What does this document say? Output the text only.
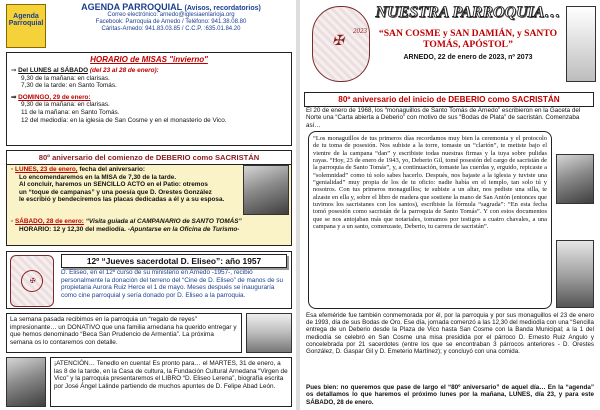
Agenda
Parroquial
AGENDA PARROQUIAL (Avisos, recordatorios)
Correo electrónico: arnedo@iglesiaenlarioja.org
Facebook: Parroquia de Arnedo / Teléfono: 941.38.08.80
Cáritas-Arnedo: 941.83.03.85 / C.C.P. :635.01.84.20
HORARIO de MISAS "invierno"
⇒ Del LUNES al SÁBADO (del 23 al 28 de enero):
9,30 de la mañana: en clarisas.
7,30 de la tarde: en Santo Tomás.
⇒ DOMINGO, 29 de enero:
9,30 de la mañana: en clarisas.
11 de la mañana: en Santo Tomás.
12 del mediodía: en la iglesia de San Cosme y en el monasterio de Vico.
80º aniversario del comienzo de DEBERIO como SACRISTÁN
▫ LUNES, 23 de enero, fecha del aniversario:
Lo encomendaremos en la MISA de 7,30 de la tarde.
Al concluir, haremos un SENCILLO ACTO en el Patio: otremos
un “toque de campanas” y una poesía que D. Orestes González
le escribió y bendeciremos las placas dedicadas a él y a su esposa.
▫ SÁBADO, 28 de enero: “Visita guiada al CAMPANARIO de SANTO TOMÁS”
HORARIO: 12 y 12,30 del mediodía. -Apuntarse en la Oficina de Turismo-
✠
12º “Jueves sacerdotal D. Eliseo”: año 1957
D. Eliseo, en el 12º curso de su ministerio en Arnedo -1957-, recibió personalmente la donación del terreno del “Cine de D. Eliseo” de manos de su propietaria Aurora Ruiz Herce el 1 de mayo. Meses después se inauguraría como cine parroquial y sería donado por D. Eliseo a la parroquia.
La semana pasada recibimos en la parroquia un “regalo de reyes” impresionante… un DONATIVO que una familia arnedana ha querido entregar y que hemos denominado “Beca San Prudencio de Armentia”. La próxima semana os lo contaremos con detalle.
¡ATENCIÓN… Tenedlo en cuenta! Es pronto para… el MARTES, 31 de enero, a las 8 de la tarde, en la Casa de cultura, la Fundación Cultural Arnedana “Virgen de Vico” y la parroquia presentaremos el LIBRO “D. Eliseo Lerena”, biografía escrita por José Ángel Lalinde partiendo de muchos apuntes de D. Felipe Abad León.
2023
✠
NUESTRA PARROQUIA…
“SAN COSME y SAN DAMIÁN, y SANTO TOMÁS, APÓSTOL”
ARNEDO, 22 de enero de 2023, nº 2073
80º aniversario del inicio de DEBERIO como SACRISTÁN
El 20 de enero de 1968, los “monaguillos de Santo Tomás de Arnedo” escribieron en la Gaceta del Norte una “Carta abierta a Deberio” con motivo de sus “Bodas de Plata” de sacristán. Comenzaba así…
“Los monaguillos de tus primeros días recordamos muy bien la ceremonia y el protocolo de tu toma de posesión. Nos subiste a la torre, tomaste un “clarión”, te metiste bajo el vientre de la campana “dan” y escribiste todas nuestras firmas y la tuya sobre pulidas rayas. “Hoy, 23 de enero de 1943, yo, Deberio Gil, tomé posesión del cargo de sacristán de la parroquia de Santo Tomás”, y, a continuación, tomaste las cuerdas y, erguido, repicaste a “solemnidad” como tú solo sabes hacerlo. Después, nos bajaste a la iglesia y tuviste una “genialidad” muy propia de los de tu oficio: nadie había en el templo, tan solo tú y nosotros. Con tus primeros monaguillos; te subiste a un altar, nos pediste una silla, te alzaste en ella y, sobre el libro de madera que sostiene la mano de San Antón (entonces que tuvimos los sacristanes con los santos), escribiste la fórmula “sagrada”: “En esta fecha tomó posesión como sacristán de la parroquia de Santo Tomás”. Y con estos documentos que se nos antojaban más que notariales, tomamos por testigos a cuatro chavales, a una campana y a un santo, comenzaste, Deberio, tu carrera de sacristán”.
Esa efeméride fue también conmemorada por él, por la parroquia y por sus monaguillos el 23 de enero de 1993, día de sus Bodas de Oro. Ese día, jornada comenzó a las 12,30 del mediodía con una “Sencilla entrega de un Deberio desde la Plaza de Vico hasta San Cosme con la Banda Municipal; a la 1 del mediodía se celebró en San Cosme una misa presidida por el párroco D. Ernesto Ruiz Angulo y concelebrada por 21 sacerdotes (entre los que se encontraban 3 párrocos anteriores - D. Orestes González, D. Gaspar Gil y D. Emeterio Martínez); y concluyó con una comida.
Pues bien: no queremos que pase de largo el “80º aniversario” de aquel día… En la “agenda” os detallamos lo que haremos el próximo lunes por la mañana, LUNES, día 23, y para este SÁBADO, 28 de enero.
